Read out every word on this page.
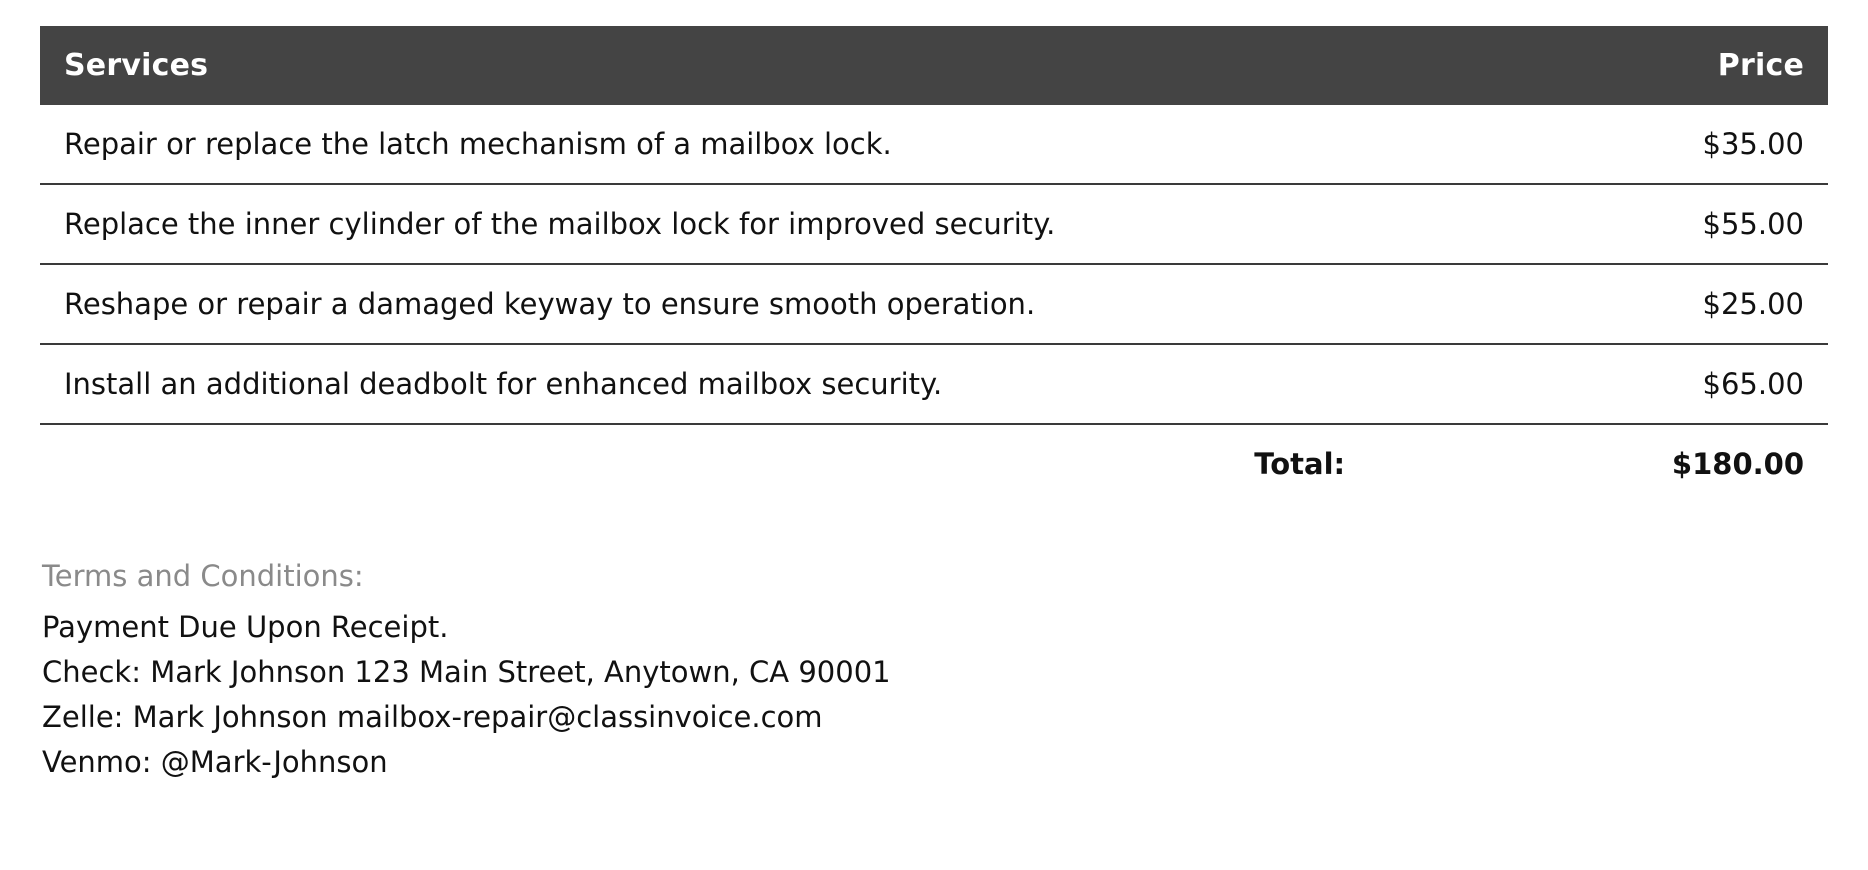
Services	Price
Repair or replace the latch mechanism of a mailbox lock.	$35.00
Replace the inner cylinder of the mailbox lock for improved security.	$55.00
Reshape or repair a damaged keyway to ensure smooth operation.	$25.00
Install an additional deadbolt for enhanced mailbox security.	$65.00
Total:	$180.00
Terms and Conditions:
Payment Due Upon Receipt.
Check: Mark Johnson 123 Main Street, Anytown, CA 90001
Zelle: Mark Johnson mailbox-repair@classinvoice.com
Venmo: @Mark-Johnson
